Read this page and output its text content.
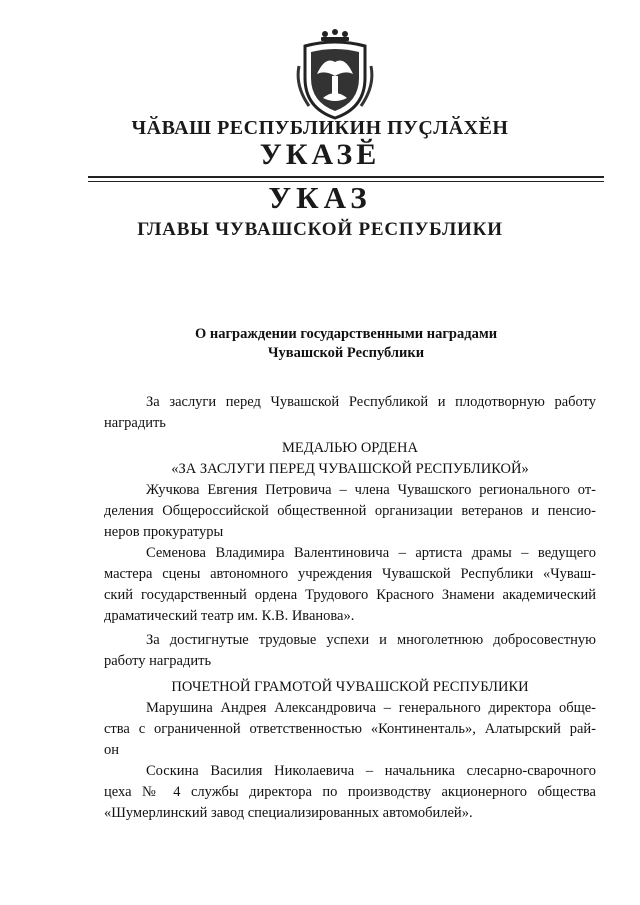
ЧӐВАШ РЕСПУБЛИКИН ПУҪЛӐХӖН
УКАЗӖ
УКАЗ
ГЛАВЫ ЧУВАШСКОЙ РЕСПУБЛИКИ
О награждении государственными наградами
Чувашской Республики
За заслуги перед Чувашской Республикой и плодотворную работу
наградить
МЕДАЛЬЮ ОРДЕНА
«ЗА ЗАСЛУГИ ПЕРЕД ЧУВАШСКОЙ РЕСПУБЛИКОЙ»
Жучкова Евгения Петровича – члена Чувашского регионального от-
деления Общероссийской общественной организации ветеранов и пенсио-
неров прокуратуры
Семенова Владимира Валентиновича – артиста драмы – ведущего
мастера сцены автономного учреждения Чувашской Республики «Чуваш-
ский государственный ордена Трудового Красного Знамени академический
драматический театр им. К.В. Иванова».
За достигнутые трудовые успехи и многолетнюю добросовестную
работу наградить
ПОЧЕТНОЙ ГРАМОТОЙ ЧУВАШСКОЙ РЕСПУБЛИКИ
Марушина Андрея Александровича – генерального директора обще-
ства с ограниченной ответственностью «Континенталь», Алатырский рай-
он
Соскина Василия Николаевича – начальника слесарно-сварочного
цеха № 4 службы директора по производству акционерного общества
«Шумерлинский завод специализированных автомобилей».
